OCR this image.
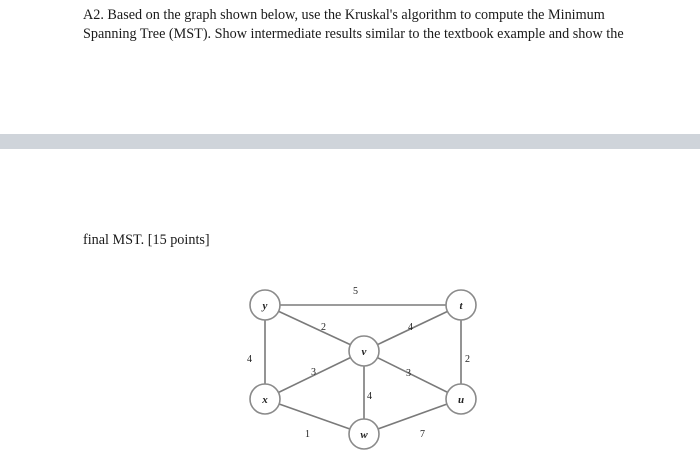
A2. Based on the graph shown below, use the Kruskal's algorithm to compute the Minimum Spanning Tree (MST). Show intermediate results similar to the textbook example and show the

final MST. [15 points]

5
2
4
4
2
3	3
4
1	7
y	t
v
x	u
w
